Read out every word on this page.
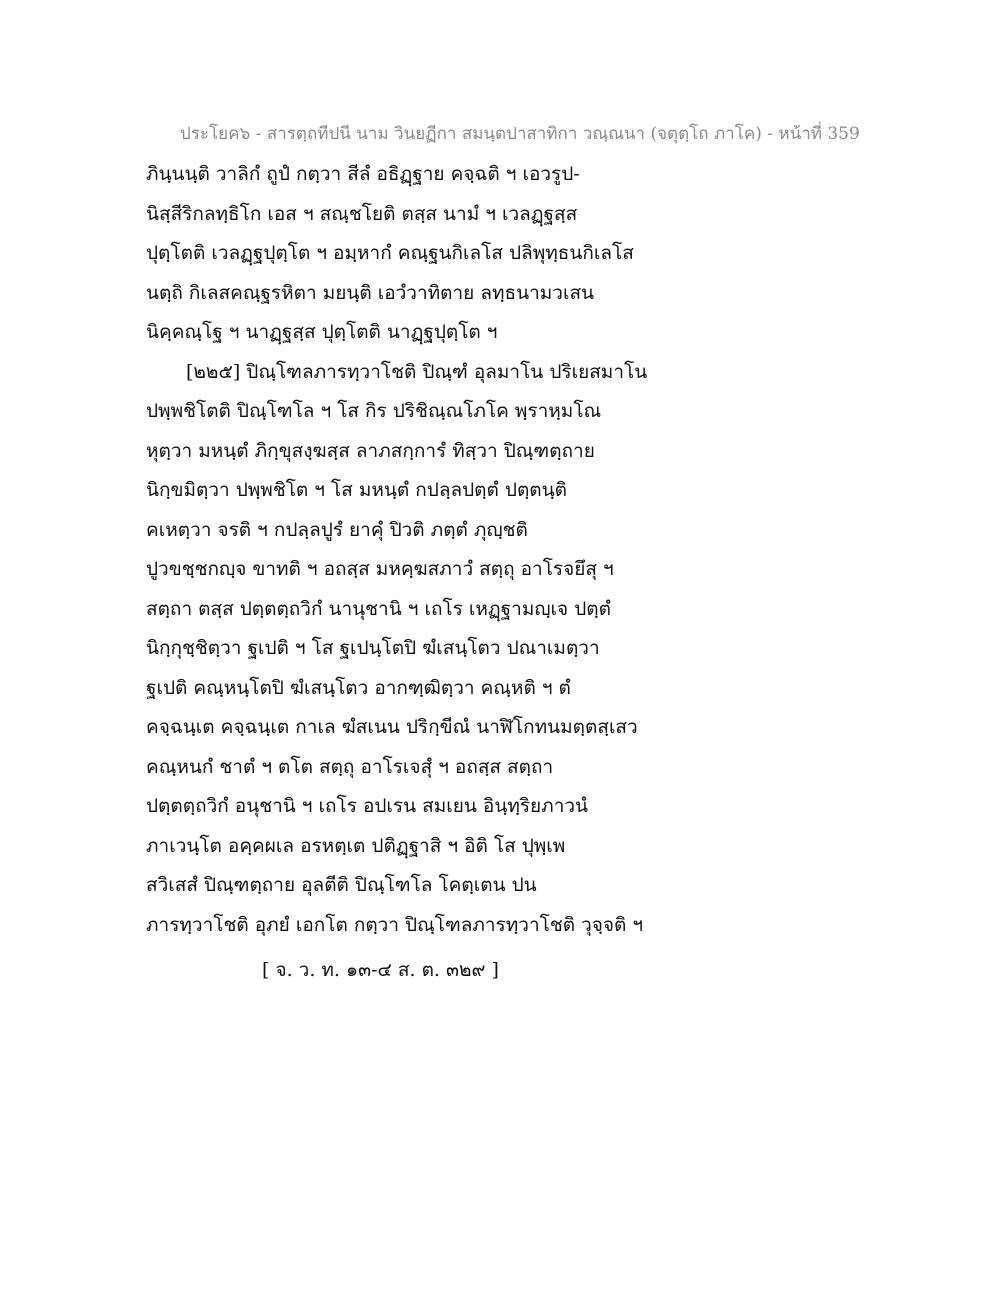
ประโยค๖ - สารตฺถทีปนี นาม วินยฏีกา สมนฺตปาสาทิกา วณฺณนา (จตุตฺโถ ภาโค) - หน้าที่ 359
ภินฺนนฺติ วาลิกํ ถูปํ กตฺวา สีลํ อธิฏฺฐาย คจฺฉติ ฯ เอวรูป-
นิสฺสีริกลทฺธิโก เอส ฯ สณฺชโยติ ตสฺส นามํ ฯ เวลฏฺฐสฺส
ปุตฺโตติ เวลฏฺฐปุตฺโต ฯ อมฺหากํ คณฺฐนกิเลโส ปลิพุทฺธนกิเลโส
นตฺถิ กิเลสคณฺฐรหิตา มยนฺติ เอวํวาทิตาย ลทฺธนามวเสน
นิคฺคณฺโฐ ฯ นาฏฺฐสฺส ปุตฺโตติ นาฏฺฐปุตฺโต ฯ
[๒๒๕] ปิณฺโฑลภารทฺวาโชติ ปิณฺฑํ อุลมาโน ปริเยสมาโน
ปพฺพชิโตติ ปิณฺโฑโล ฯ โส กิร ปริชิณฺณโภโค พฺราหฺมโณ
หุตฺวา มหนฺตํ ภิกฺขุสงฺฆสฺส ลาภสกฺการํ ทิสฺวา ปิณฺฑตฺถาย
นิกฺขมิตฺวา ปพฺพชิโต ฯ โส มหนฺตํ กปลฺลปตฺตํ ปตฺตนฺติ
คเหตฺวา จรติ ฯ กปลฺลปูรํ ยาคุํ ปิวติ ภตฺตํ ภุญฺชติ
ปูวขชฺชกญฺจ ขาทติ ฯ อถสฺส มหคฺฆสภาวํ สตฺถุ อาโรจยึสุ ฯ
สตฺถา ตสฺส ปตฺตตฺถวิกํ นานุชานิ ฯ เถโร เหฏฺฐามญฺเจ ปตฺตํ
นิกฺกุชฺชิตฺวา ฐเปติ ฯ โส ฐเปนฺโตปิ ฆํเสนฺโตว ปณาเมตฺวา
ฐเปติ คณฺหนฺโตปิ ฆํเสนฺโตว อากฑฺฒิตฺวา คณฺหติ ฯ ตํ
คจฺฉนฺเต คจฺฉนฺเต กาเล ฆํสเนน ปริกฺขีณํ นาฬิโกทนมตฺตสฺเสว
คณฺหนกํ ชาตํ ฯ ตโต สตฺถุ อาโรเจสุํ ฯ อถสฺส สตฺถา
ปตฺตตฺถวิกํ อนุชานิ ฯ เถโร อปเรน สมเยน อินฺทฺริยภาวนํ
ภาเวนฺโต อคฺคผเล อรหตฺเต ปติฏฺฐาสิ ฯ อิติ โส ปุพฺเพ
สวิเสสํ ปิณฺฑตฺถาย อุลตีติ ปิณฺโฑโล โคตฺเตน ปน
ภารทฺวาโชติ อุภยํ เอกโต กตฺวา ปิณฺโฑลภารทฺวาโชติ วุจฺจติ ฯ
[ จ. ว. ท. ๑๓-๔ ส. ต. ๓๒๙ ]
